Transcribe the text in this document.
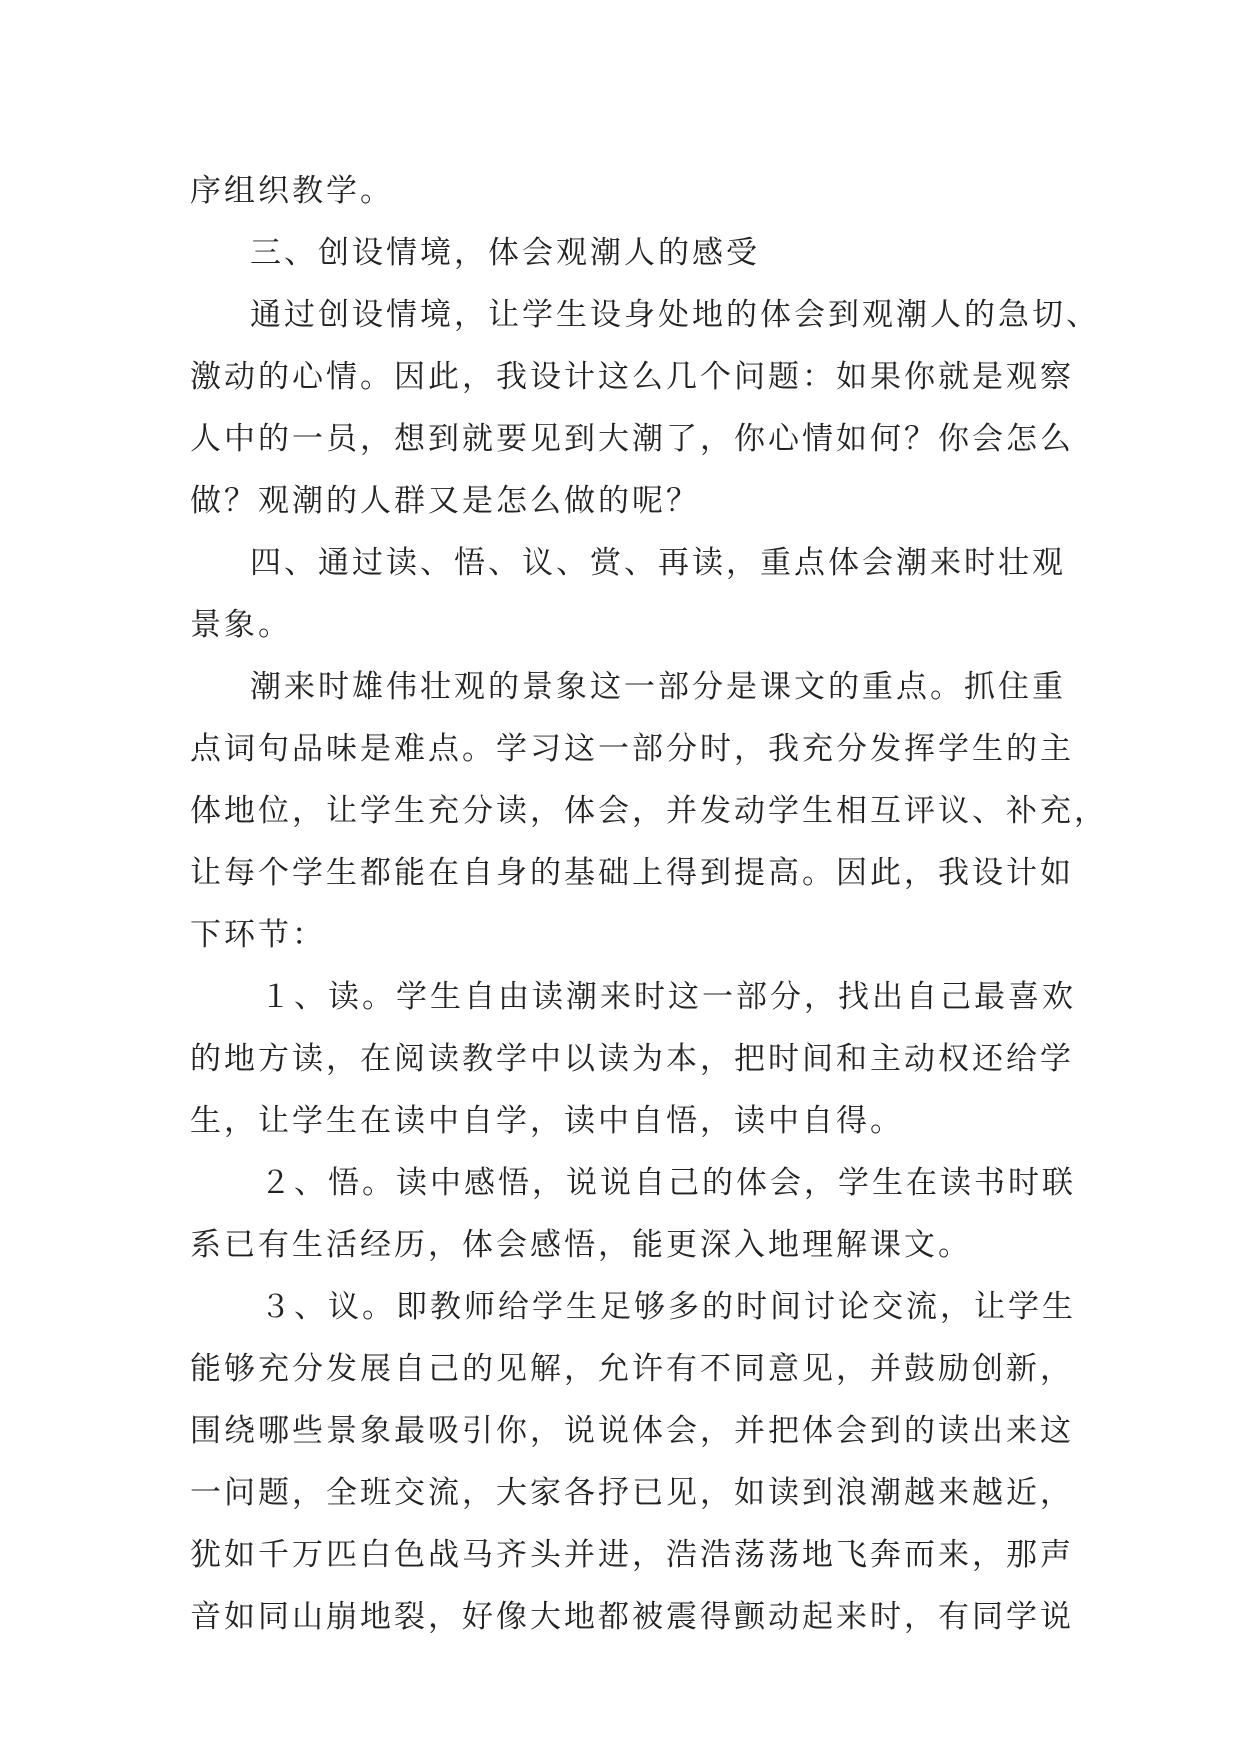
序组织教学。
三、创设情境，体会观潮人的感受
通过创设情境，让学生设身处地的体会到观潮人的急切、
激动的心情。因此，我设计这么几个问题：如果你就是观察
人中的一员，想到就要见到大潮了，你心情如何？你会怎么
做？观潮的人群又是怎么做的呢？
四、通过读、悟、议、赏、再读，重点体会潮来时壮观
景象。
潮来时雄伟壮观的景象这一部分是课文的重点。抓住重
点词句品味是难点。学习这一部分时，我充分发挥学生的主
体地位，让学生充分读，体会，并发动学生相互评议、补充，
让每个学生都能在自身的基础上得到提高。因此，我设计如
下环节：
１、读。学生自由读潮来时这一部分，找出自己最喜欢
的地方读，在阅读教学中以读为本，把时间和主动权还给学
生，让学生在读中自学，读中自悟，读中自得。
２、悟。读中感悟，说说自己的体会，学生在读书时联
系已有生活经历，体会感悟，能更深入地理解课文。
３、议。即教师给学生足够多的时间讨论交流，让学生
能够充分发展自己的见解，允许有不同意见，并鼓励创新，
围绕哪些景象最吸引你，说说体会，并把体会到的读出来这
一问题，全班交流，大家各抒已见，如读到浪潮越来越近，
犹如千万匹白色战马齐头并进，浩浩荡荡地飞奔而来，那声
音如同山崩地裂，好像大地都被震得颤动起来时，有同学说
